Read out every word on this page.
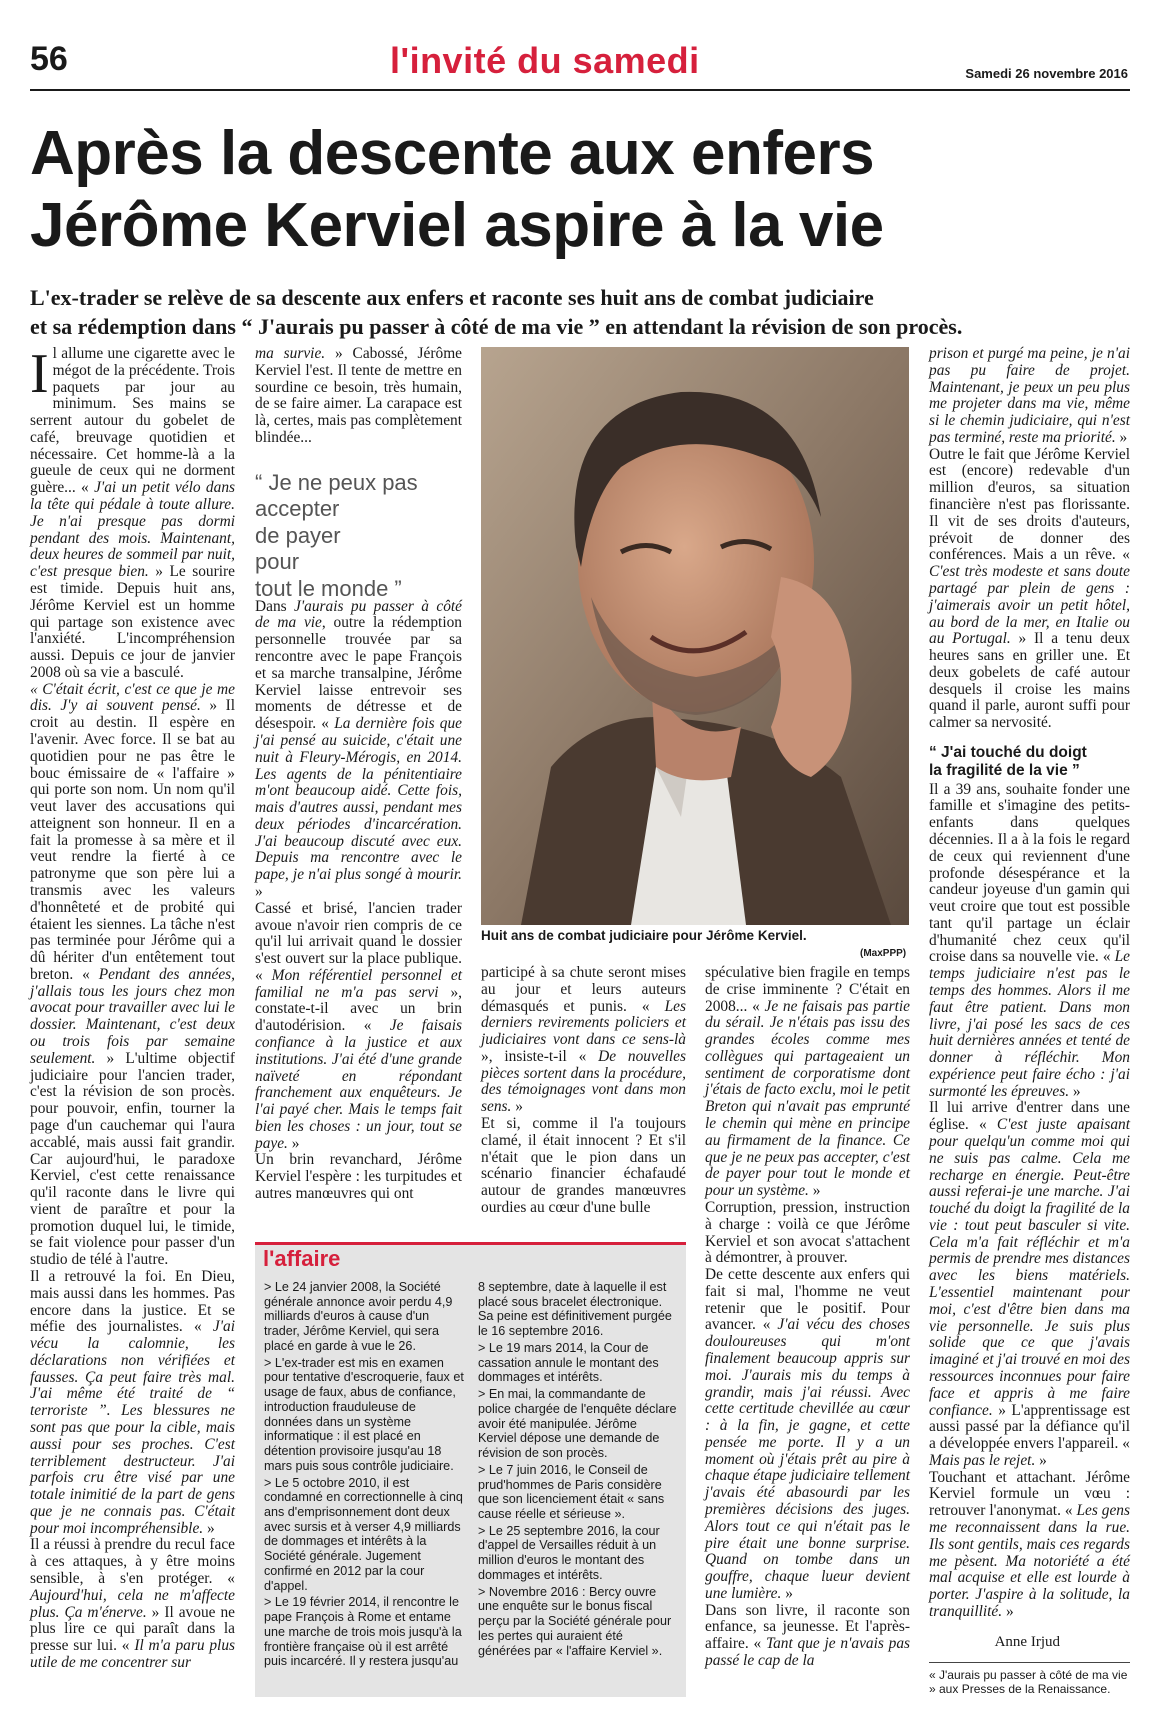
56	l'invité du samedi	Samedi 26 novembre 2016
Après la descente aux enfers
Jérôme Kerviel aspire à la vie
L'ex-trader se relève de sa descente aux enfers et raconte ses huit ans de combat judiciaire
et sa rédemption dans “ J'aurais pu passer à côté de ma vie ” en attendant la révision de son procès.

Il allume une cigarette avec le mégot de la précédente. Trois paquets par jour au minimum. Ses mains se serrent autour du gobelet de café, breuvage quotidien et nécessaire. Cet homme-là a la gueule de ceux qui ne dorment guère... « J'ai un petit vélo dans la tête qui pédale à toute allure. Je n'ai presque pas dormi pendant des mois. Maintenant, deux heures de sommeil par nuit, c'est presque bien. » Le sourire est timide. Depuis huit ans, Jérôme Kerviel est un homme qui partage son existence avec l'anxiété. L'incompréhension aussi. Depuis ce jour de janvier 2008 où sa vie a basculé.

« C'était écrit, c'est ce que je me dis. J'y ai souvent pensé. » Il croit au destin. Il espère en l'avenir. Avec force. Il se bat au quotidien pour ne pas être le bouc émissaire de « l'affaire » qui porte son nom. Un nom qu'il veut laver des accusations qui atteignent son honneur. Il en a fait la promesse à sa mère et il veut rendre la fierté à ce patronyme que son père lui a transmis avec les valeurs d'honnêteté et de probité qui étaient les siennes. La tâche n'est pas terminée pour Jérôme qui a dû hériter d'un entêtement tout breton. « Pendant des années, j'allais tous les jours chez mon avocat pour travailler avec lui le dossier. Maintenant, c'est deux ou trois fois par semaine seulement. » L'ultime objectif judiciaire pour l'ancien trader, c'est la révision de son procès. pour pouvoir, enfin, tourner la page d'un cauchemar qui l'aura accablé, mais aussi fait grandir. Car aujourd'hui, le paradoxe Kerviel, c'est cette renaissance qu'il raconte dans le livre qui vient de paraître et pour la promotion duquel lui, le timide, se fait violence pour passer d'un studio de télé à l'autre.

Il a retrouvé la foi. En Dieu, mais aussi dans les hommes. Pas encore dans la justice. Et se méfie des journalistes. « J'ai vécu la calomnie, les déclarations non vérifiées et fausses. Ça peut faire très mal. J'ai même été traité de “ terroriste ”. Les blessures ne sont pas que pour la cible, mais aussi pour ses proches. C'est terriblement destructeur. J'ai parfois cru être visé par une totale inimitié de la part de gens que je ne connais pas. C'était pour moi incompréhensible. »

Il a réussi à prendre du recul face à ces attaques, à y être moins sensible, à s'en protéger. « Aujourd'hui, cela ne m'affecte plus. Ça m'énerve. » Il avoue ne plus lire ce qui paraît dans la presse sur lui. « Il m'a paru plus utile de me concentrer sur

ma survie. » Cabossé, Jérôme Kerviel l'est. Il tente de mettre en sourdine ce besoin, très humain, de se faire aimer. La carapace est là, certes, mais pas complètement blindée...

Dans J'aurais pu passer à côté de ma vie, outre la rédemption personnelle trouvée par sa rencontre avec le pape François et sa marche transalpine, Jérôme Kerviel laisse entrevoir ses moments de détresse et de désespoir. « La dernière fois que j'ai pensé au suicide, c'était une nuit à Fleury-Mérogis, en 2014. Les agents de la pénitentiaire m'ont beaucoup aidé. Cette fois, mais d'autres aussi, pendant mes deux périodes d'incarcération. J'ai beaucoup discuté avec eux. Depuis ma rencontre avec le pape, je n'ai plus songé à mourir. »

Cassé et brisé, l'ancien trader avoue n'avoir rien compris de ce qu'il lui arrivait quand le dossier s'est ouvert sur la place publique. « Mon référentiel personnel et familial ne m'a pas servi », constate-t-il avec un brin d'autodérision. « Je faisais confiance à la justice et aux institutions. J'ai été d'une grande naïveté en répondant franchement aux enquêteurs. Je l'ai payé cher. Mais le temps fait bien les choses : un jour, tout se paye. »

Un brin revanchard, Jérôme Kerviel l'espère : les turpitudes et autres manœuvres qui ont

“ Je ne peux pas
accepter
de payer
pour
tout le monde ”
Huit ans de combat judiciaire pour Jérôme Kerviel.
(MaxPPP)

participé à sa chute seront mises au jour et leurs auteurs démasqués et punis. « Les derniers revirements policiers et judiciaires vont dans ce sens-là », insiste-t-il « De nouvelles pièces sortent dans la procédure, des témoignages vont dans mon sens. »

Et si, comme il l'a toujours clamé, il était innocent ? Et s'il n'était que le pion dans un scénario financier échafaudé autour de grandes manœuvres ourdies au cœur d'une bulle

spéculative bien fragile en temps de crise imminente ? C'était en 2008... « Je ne faisais pas partie du sérail. Je n'étais pas issu des grandes écoles comme mes collègues qui partageaient un sentiment de corporatisme dont j'étais de facto exclu, moi le petit Breton qui n'avait pas emprunté le chemin qui mène en principe au firmament de la finance. Ce que je ne peux pas accepter, c'est de payer pour tout le monde et pour un système. »

Corruption, pression, instruction à charge : voilà ce que Jérôme Kerviel et son avocat s'attachent à démontrer, à prouver.

De cette descente aux enfers qui fait si mal, l'homme ne veut retenir que le positif. Pour avancer. « J'ai vécu des choses douloureuses qui m'ont finalement beaucoup appris sur moi. J'aurais mis du temps à grandir, mais j'ai réussi. Avec cette certitude chevillée au cœur : à la fin, je gagne, et cette pensée me porte. Il y a un moment où j'étais prêt au pire à chaque étape judiciaire tellement j'avais été abasourdi par les premières décisions des juges. Alors tout ce qui n'était pas le pire était une bonne surprise. Quand on tombe dans un gouffre, chaque lueur devient une lumière. »

Dans son livre, il raconte son enfance, sa jeunesse. Et l'après-affaire. « Tant que je n'avais pas passé le cap de la

prison et purgé ma peine, je n'ai pas pu faire de projet. Maintenant, je peux un peu plus me projeter dans ma vie, même si le chemin judiciaire, qui n'est pas terminé, reste ma priorité. »

Outre le fait que Jérôme Kerviel est (encore) redevable d'un million d'euros, sa situation financière n'est pas florissante. Il vit de ses droits d'auteurs, prévoit de donner des conférences. Mais a un rêve. « C'est très modeste et sans doute partagé par plein de gens : j'aimerais avoir un petit hôtel, au bord de la mer, en Italie ou au Portugal. » Il a tenu deux heures sans en griller une. Et deux gobelets de café autour desquels il croise les mains quand il parle, auront suffi pour calmer sa nervosité.

“ J'ai touché du doigt
la fragilité de la vie ”

Il a 39 ans, souhaite fonder une famille et s'imagine des petits-enfants dans quelques décennies. Il a à la fois le regard de ceux qui reviennent d'une profonde désespérance et la candeur joyeuse d'un gamin qui veut croire que tout est possible tant qu'il partage un éclair d'humanité chez ceux qu'il croise dans sa nouvelle vie. « Le temps judiciaire n'est pas le temps des hommes. Alors il me faut être patient. Dans mon livre, j'ai posé les sacs de ces huit dernières années et tenté de donner à réfléchir. Mon expérience peut faire écho : j'ai surmonté les épreuves. »

Il lui arrive d'entrer dans une église. « C'est juste apaisant pour quelqu'un comme moi qui ne suis pas calme. Cela me recharge en énergie. Peut-être aussi referai-je une marche. J'ai touché du doigt la fragilité de la vie : tout peut basculer si vite. Cela m'a fait réfléchir et m'a permis de prendre mes distances avec les biens matériels. L'essentiel maintenant pour moi, c'est d'être bien dans ma vie personnelle. Je suis plus solide que ce que j'avais imaginé et j'ai trouvé en moi des ressources inconnues pour faire face et appris à me faire confiance. » L'apprentissage est aussi passé par la défiance qu'il a développée envers l'appareil. « Mais pas le rejet. »

Touchant et attachant. Jérôme Kerviel formule un vœu : retrouver l'anonymat. « Les gens me reconnaissent dans la rue. Ils sont gentils, mais ces regards me pèsent. Ma notoriété a été mal acquise et elle est lourde à porter. J'aspire à la solitude, la tranquillité. »

Anne Irjud
« J'aurais pu passer à côté de ma vie » aux Presses de la Renaissance.
l'affaire

> Le 24 janvier 2008, la Société générale annonce avoir perdu 4,9 milliards d'euros à cause d'un trader, Jérôme Kerviel, qui sera placé en garde à vue le 26.

> L'ex-trader est mis en examen pour tentative d'escroquerie, faux et usage de faux, abus de confiance, introduction frauduleuse de données dans un système informatique : il est placé en détention provisoire jusqu'au 18 mars puis sous contrôle judiciaire.

> Le 5 octobre 2010, il est condamné en correctionnelle à cinq ans d'emprisonnement dont deux avec sursis et à verser 4,9 milliards de dommages et intérêts à la Société générale. Jugement confirmé en 2012 par la cour d'appel.

> Le 19 février 2014, il rencontre le pape François à Rome et entame une marche de trois mois jusqu'à la frontière française où il est arrêté puis incarcéré. Il y restera jusqu'au

8 septembre, date à laquelle il est placé sous bracelet électronique. Sa peine est définitivement purgée le 16 septembre 2016.

> Le 19 mars 2014, la Cour de cassation annule le montant des dommages et intérêts.

> En mai, la commandante de police chargée de l'enquête déclare avoir été manipulée. Jérôme Kerviel dépose une demande de révision de son procès.

> Le 7 juin 2016, le Conseil de prud'hommes de Paris considère que son licenciement était « sans cause réelle et sérieuse ».

> Le 25 septembre 2016, la cour d'appel de Versailles réduit à un million d'euros le montant des dommages et intérêts.

> Novembre 2016 : Bercy ouvre une enquête sur le bonus fiscal perçu par la Société générale pour les pertes qui auraient été générées par « l'affaire Kerviel ».
